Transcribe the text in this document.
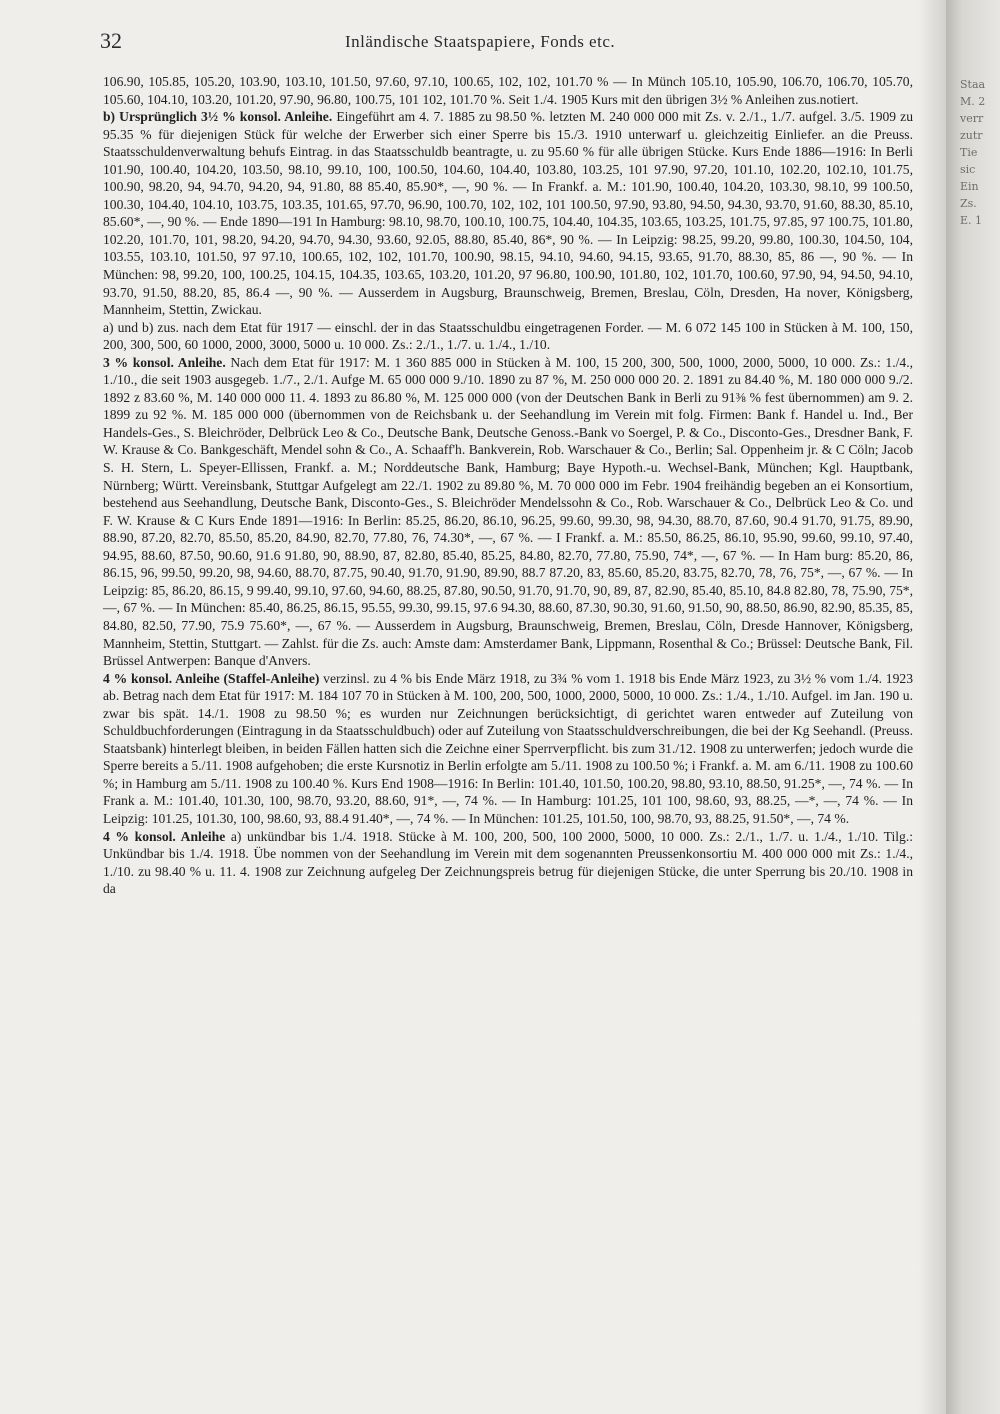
32	Inländische Staatspapiere, Fonds etc.

106.90, 105.85, 105.20, 103.90, 103.10, 101.50, 97.60, 97.10, 100.65, 102, 102, 101.70 % — In Münch 105.10, 105.90, 106.70, 106.70, 105.70, 105.60, 104.10, 103.20, 101.20, 97.90, 96.80, 100.75, 101 102, 101.70 %. Seit 1./4. 1905 Kurs mit den übrigen 3½ % Anleihen zus.notiert.

b) Ursprünglich 3½ % konsol. Anleihe. Eingeführt am 4. 7. 1885 zu 98.50 %. letzten M. 240 000 000 mit Zs. v. 2./1., 1./7. aufgel. 3./5. 1909 zu 95.35 % für diejenigen Stück für welche der Erwerber sich einer Sperre bis 15./3. 1910 unterwarf u. gleichzeitig Einliefer. an die Preuss. Staatsschuldenverwaltung behufs Eintrag. in das Staatsschuldb beantragte, u. zu 95.60 % für alle übrigen Stücke. Kurs Ende 1886—1916: In Berli 101.90, 100.40, 104.20, 103.50, 98.10, 99.10, 100, 100.50, 104.60, 104.40, 103.80, 103.25, 101 97.90, 97.20, 101.10, 102.20, 102.10, 101.75, 100.90, 98.20, 94, 94.70, 94.20, 94, 91.80, 88 85.40, 85.90*, —, 90 %. — In Frankf. a. M.: 101.90, 100.40, 104.20, 103.30, 98.10, 99 100.50, 100.30, 104.40, 104.10, 103.75, 103.35, 101.65, 97.70, 96.90, 100.70, 102, 102, 101 100.50, 97.90, 93.80, 94.50, 94.30, 93.70, 91.60, 88.30, 85.10, 85.60*, —, 90 %. — Ende 1890—191 In Hamburg: 98.10, 98.70, 100.10, 100.75, 104.40, 104.35, 103.65, 103.25, 101.75, 97.85, 97 100.75, 101.80, 102.20, 101.70, 101, 98.20, 94.20, 94.70, 94.30, 93.60, 92.05, 88.80, 85.40, 86*, 90 %. — In Leipzig: 98.25, 99.20, 99.80, 100.30, 104.50, 104, 103.55, 103.10, 101.50, 97 97.10, 100.65, 102, 102, 101.70, 100.90, 98.15, 94.10, 94.60, 94.15, 93.65, 91.70, 88.30, 85, 86 —, 90 %. — In München: 98, 99.20, 100, 100.25, 104.15, 104.35, 103.65, 103.20, 101.20, 97 96.80, 100.90, 101.80, 102, 101.70, 100.60, 97.90, 94, 94.50, 94.10, 93.70, 91.50, 88.20, 85, 86.4 —, 90 %. — Ausserdem in Augsburg, Braunschweig, Bremen, Breslau, Cöln, Dresden, Ha nover, Königsberg, Mannheim, Stettin, Zwickau.

a) und b) zus. nach dem Etat für 1917 — einschl. der in das Staatsschuldbu eingetragenen Forder. — M. 6 072 145 100 in Stücken à M. 100, 150, 200, 300, 500, 60 1000, 2000, 3000, 5000 u. 10 000. Zs.: 2./1., 1./7. u. 1./4., 1./10.

3 % konsol. Anleihe. Nach dem Etat für 1917: M. 1 360 885 000 in Stücken à M. 100, 15 200, 300, 500, 1000, 2000, 5000, 10 000. Zs.: 1./4., 1./10., die seit 1903 ausgegeb. 1./7., 2./1. Aufge M. 65 000 000 9./10. 1890 zu 87 %, M. 250 000 000 20. 2. 1891 zu 84.40 %, M. 180 000 000 9./2. 1892 z 83.60 %, M. 140 000 000 11. 4. 1893 zu 86.80 %, M. 125 000 000 (von der Deutschen Bank in Berli zu 91⅜ % fest übernommen) am 9. 2. 1899 zu 92 %. M. 185 000 000 (übernommen von de Reichsbank u. der Seehandlung im Verein mit folg. Firmen: Bank f. Handel u. Ind., Ber Handels-Ges., S. Bleichröder, Delbrück Leo & Co., Deutsche Bank, Deutsche Genoss.-Bank vo Soergel, P. & Co., Disconto-Ges., Dresdner Bank, F. W. Krause & Co. Bankgeschäft, Mendel sohn & Co., A. Schaaff'h. Bankverein, Rob. Warschauer & Co., Berlin; Sal. Oppenheim jr. & C Cöln; Jacob S. H. Stern, L. Speyer-Ellissen, Frankf. a. M.; Norddeutsche Bank, Hamburg; Baye Hypoth.-u. Wechsel-Bank, München; Kgl. Hauptbank, Nürnberg; Württ. Vereinsbank, Stuttgar Aufgelegt am 22./1. 1902 zu 89.80 %, M. 70 000 000 im Febr. 1904 freihändig begeben an ei Konsortium, bestehend aus Seehandlung, Deutsche Bank, Disconto-Ges., S. Bleichröder Mendelssohn & Co., Rob. Warschauer & Co., Delbrück Leo & Co. und F. W. Krause & C Kurs Ende 1891—1916: In Berlin: 85.25, 86.20, 86.10, 96.25, 99.60, 99.30, 98, 94.30, 88.70, 87.60, 90.4 91.70, 91.75, 89.90, 88.90, 87.20, 82.70, 85.50, 85.20, 84.90, 82.70, 77.80, 76, 74.30*, —, 67 %. — I Frankf. a. M.: 85.50, 86.25, 86.10, 95.90, 99.60, 99.10, 97.40, 94.95, 88.60, 87.50, 90.60, 91.6 91.80, 90, 88.90, 87, 82.80, 85.40, 85.25, 84.80, 82.70, 77.80, 75.90, 74*, —, 67 %. — In Ham burg: 85.20, 86, 86.15, 96, 99.50, 99.20, 98, 94.60, 88.70, 87.75, 90.40, 91.70, 91.90, 89.90, 88.7 87.20, 83, 85.60, 85.20, 83.75, 82.70, 78, 76, 75*, —, 67 %. — In Leipzig: 85, 86.20, 86.15, 9 99.40, 99.10, 97.60, 94.60, 88.25, 87.80, 90.50, 91.70, 91.70, 90, 89, 87, 82.90, 85.40, 85.10, 84.8 82.80, 78, 75.90, 75*, —, 67 %. — In München: 85.40, 86.25, 86.15, 95.55, 99.30, 99.15, 97.6 94.30, 88.60, 87.30, 90.30, 91.60, 91.50, 90, 88.50, 86.90, 82.90, 85.35, 85, 84.80, 82.50, 77.90, 75.9 75.60*, —, 67 %. — Ausserdem in Augsburg, Braunschweig, Bremen, Breslau, Cöln, Dresde Hannover, Königsberg, Mannheim, Stettin, Stuttgart. — Zahlst. für die Zs. auch: Amste dam: Amsterdamer Bank, Lippmann, Rosenthal & Co.; Brüssel: Deutsche Bank, Fil. Brüssel Antwerpen: Banque d'Anvers.

4 % konsol. Anleihe (Staffel-Anleihe) verzinsl. zu 4 % bis Ende März 1918, zu 3¾ % vom 1. 1918 bis Ende März 1923, zu 3½ % vom 1./4. 1923 ab. Betrag nach dem Etat für 1917: M. 184 107 70 in Stücken à M. 100, 200, 500, 1000, 2000, 5000, 10 000. Zs.: 1./4., 1./10. Aufgel. im Jan. 190 u. zwar bis spät. 14./1. 1908 zu 98.50 %; es wurden nur Zeichnungen berücksichtigt, di gerichtet waren entweder auf Zuteilung von Schuldbuchforderungen (Eintragung in da Staatsschuldbuch) oder auf Zuteilung von Staatsschuldverschreibungen, die bei der Kg Seehandl. (Preuss. Staatsbank) hinterlegt bleiben, in beiden Fällen hatten sich die Zeichne einer Sperrverpflicht. bis zum 31./12. 1908 zu unterwerfen; jedoch wurde die Sperre bereits a 5./11. 1908 aufgehoben; die erste Kursnotiz in Berlin erfolgte am 5./11. 1908 zu 100.50 %; i Frankf. a. M. am 6./11. 1908 zu 100.60 %; in Hamburg am 5./11. 1908 zu 100.40 %. Kurs End 1908—1916: In Berlin: 101.40, 101.50, 100.20, 98.80, 93.10, 88.50, 91.25*, —, 74 %. — In Frank a. M.: 101.40, 101.30, 100, 98.70, 93.20, 88.60, 91*, —, 74 %. — In Hamburg: 101.25, 101 100, 98.60, 93, 88.25, —*, —, 74 %. — In Leipzig: 101.25, 101.30, 100, 98.60, 93, 88.4 91.40*, —, 74 %. — In München: 101.25, 101.50, 100, 98.70, 93, 88.25, 91.50*, —, 74 %.

4 % konsol. Anleihe a) unkündbar bis 1./4. 1918. Stücke à M. 100, 200, 500, 100 2000, 5000, 10 000. Zs.: 2./1., 1./7. u. 1./4., 1./10. Tilg.: Unkündbar bis 1./4. 1918. Übe nommen von der Seehandlung im Verein mit dem sogenannten Preussenkonsortiu M. 400 000 000 mit Zs.: 1./4., 1./10. zu 98.40 % u. 11. 4. 1908 zur Zeichnung aufgeleg Der Zeichnungspreis betrug für diejenigen Stücke, die unter Sperrung bis 20./10. 1908 in da

Staa
M. 2
verr
zutr
Tie
sic
Ein
Zs.
E. 1
